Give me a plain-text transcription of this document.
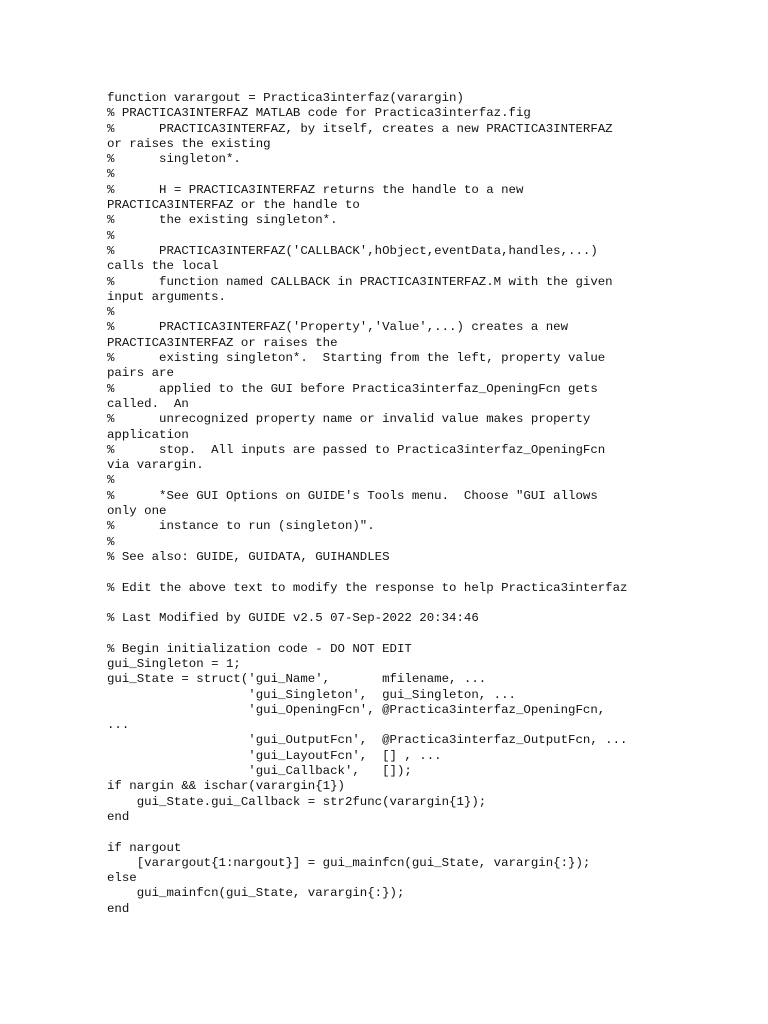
function varargout = Practica3interfaz(varargin)
% PRACTICA3INTERFAZ MATLAB code for Practica3interfaz.fig
%      PRACTICA3INTERFAZ, by itself, creates a new PRACTICA3INTERFAZ
or raises the existing
%      singleton*.
%
%      H = PRACTICA3INTERFAZ returns the handle to a new
PRACTICA3INTERFAZ or the handle to
%      the existing singleton*.
%
%      PRACTICA3INTERFAZ('CALLBACK',hObject,eventData,handles,...)
calls the local
%      function named CALLBACK in PRACTICA3INTERFAZ.M with the given
input arguments.
%
%      PRACTICA3INTERFAZ('Property','Value',...) creates a new
PRACTICA3INTERFAZ or raises the
%      existing singleton*.  Starting from the left, property value
pairs are
%      applied to the GUI before Practica3interfaz_OpeningFcn gets
called.  An
%      unrecognized property name or invalid value makes property
application
%      stop.  All inputs are passed to Practica3interfaz_OpeningFcn
via varargin.
%
%      *See GUI Options on GUIDE's Tools menu.  Choose "GUI allows
only one
%      instance to run (singleton)".
%
% See also: GUIDE, GUIDATA, GUIHANDLES
% Edit the above text to modify the response to help Practica3interfaz
% Last Modified by GUIDE v2.5 07-Sep-2022 20:34:46
% Begin initialization code - DO NOT EDIT
gui_Singleton = 1;
gui_State = struct('gui_Name',       mfilename, ...
'gui_Singleton',  gui_Singleton, ...
'gui_OpeningFcn', @Practica3interfaz_OpeningFcn,
...
'gui_OutputFcn',  @Practica3interfaz_OutputFcn, ...
'gui_LayoutFcn',  [] , ...
'gui_Callback',   []);
if nargin && ischar(varargin{1})
gui_State.gui_Callback = str2func(varargin{1});
end
if nargout
[varargout{1:nargout}] = gui_mainfcn(gui_State, varargin{:});
else
gui_mainfcn(gui_State, varargin{:});
end
